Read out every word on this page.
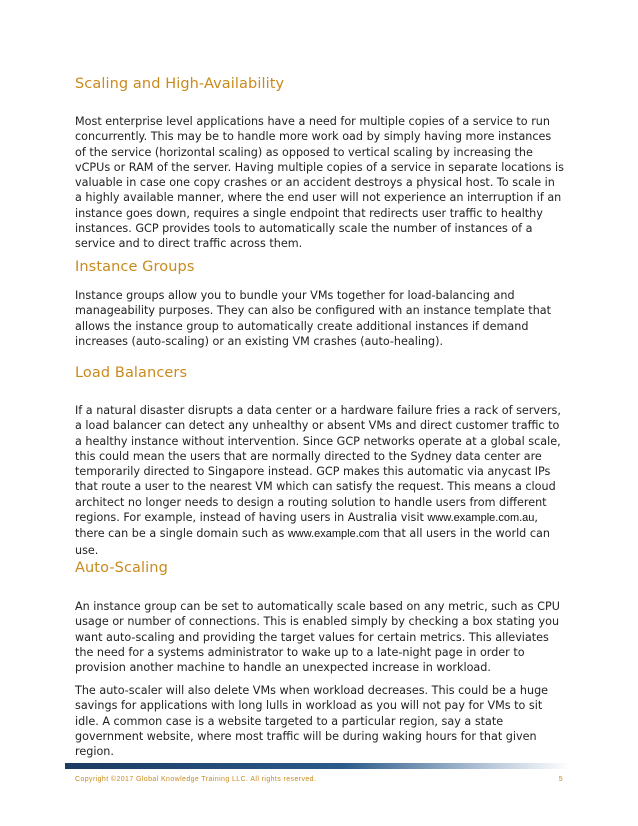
Scaling and High-Availability

Most enterprise level applications have a need for multiple copies of a service to run concurrently. This may be to handle more work oad by simply having more instances of the service (horizontal scaling) as opposed to vertical scaling by increasing the vCPUs or RAM of the server. Having multiple copies of a service in separate locations is valuable in case one copy crashes or an accident destroys a physical host. To scale in a highly available manner, where the end user will not experience an interruption if an instance goes down, requires a single endpoint that redirects user traffic to healthy instances. GCP provides tools to automatically scale the number of instances of a service and to direct traffic across them.

Instance Groups

Instance groups allow you to bundle your VMs together for load-balancing and manageability purposes. They can also be configured with an instance template that allows the instance group to automatically create additional instances if demand increases (auto-scaling) or an existing VM crashes (auto-healing).

Load Balancers

If a natural disaster disrupts a data center or a hardware failure fries a rack of servers, a load balancer can detect any unhealthy or absent VMs and direct customer traffic to a healthy instance without intervention. Since GCP networks operate at a global scale, this could mean the users that are normally directed to the Sydney data center are temporarily directed to Singapore instead. GCP makes this automatic via anycast IPs that route a user to the nearest VM which can satisfy the request. This means a cloud architect no longer needs to design a routing solution to handle users from different regions. For example, instead of having users in Australia visit www.example.com.au, there can be a single domain such as www.example.com that all users in the world can use.

Auto-Scaling

An instance group can be set to automatically scale based on any metric, such as CPU usage or number of connections. This is enabled simply by checking a box stating you want auto-scaling and providing the target values for certain metrics. This alleviates the need for a systems administrator to wake up to a late-night page in order to provision another machine to handle an unexpected increase in workload.

The auto-scaler will also delete VMs when workload decreases. This could be a huge savings for applications with long lulls in workload as you will not pay for VMs to sit idle. A common case is a website targeted to a particular region, say a state government website, where most traffic will be during waking hours for that given region.

Copyright ©2017 Global Knowledge Training LLC. All rights reserved.	5
